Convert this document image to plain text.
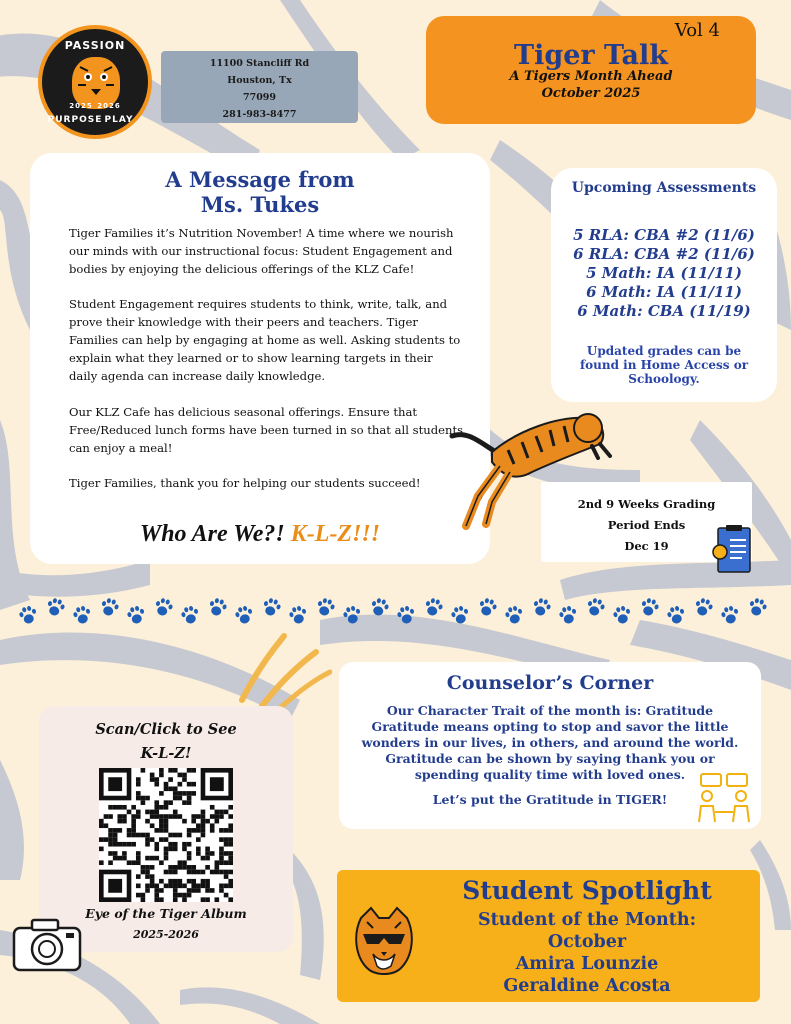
PASSION
2025 2026
PURPOSE PLAY
11100 Stancliff Rd
Houston, Tx
77099
281-983-8477
Vol 4
Tiger Talk
A Tigers Month Ahead
October 2025
A Message from
Ms. Tukes
Tiger Families it’s Nutrition November! A time where we nourish our minds with our instructional focus: Student Engagement and bodies by enjoying the delicious offerings of the KLZ Cafe!
Student Engagement requires students to think, write, talk, and prove their knowledge with their peers and teachers. Tiger Families can help by engaging at home as well. Asking students to explain what they learned or to show learning targets in their daily agenda can increase daily knowledge.
Our KLZ Cafe has delicious seasonal offerings. Ensure that Free/Reduced lunch forms have been turned in so that all students can enjoy a meal!
Tiger Families, thank you for helping our students succeed!
Who Are We?! K-L-Z!!!
Upcoming Assessments
5 RLA: CBA #2 (11/6)
6 RLA: CBA #2 (11/6)
5 Math: IA (11/11)
6 Math: IA (11/11)
6 Math: CBA (11/19)
Updated grades can be found in Home Access or Schoology.
2nd 9 Weeks Grading
Period Ends
Dec 19
Scan/Click to See
K-L-Z!
Eye of the Tiger Album
2025-2026
Counselor’s Corner
Our Character Trait of the month is: Gratitude
Gratitude means opting to stop and savor the little wonders in our lives, in others, and around the world. Gratitude can be shown by saying thank you or spending quality time with loved ones.
Let’s put the Gratitude in TIGER!
Student Spotlight
Student of the Month:
October
Amira Lounzie
Geraldine Acosta
